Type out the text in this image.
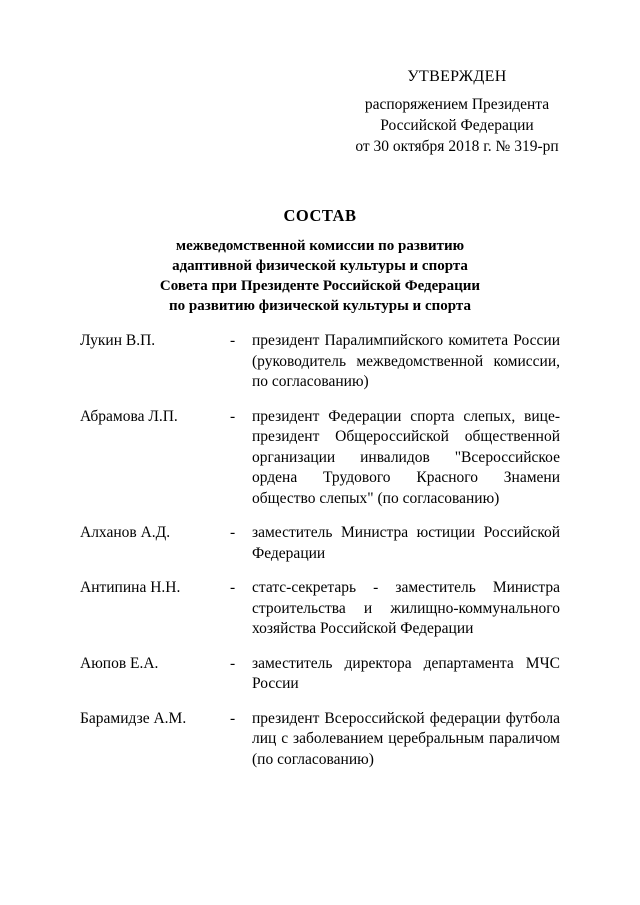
УТВЕРЖДЕН
распоряжением Президента
Российской Федерации
от 30 октября 2018 г. № 319-рп
СОСТАВ
межведомственной комиссии по развитию
адаптивной физической культуры и спорта
Совета при Президенте Российской Федерации
по развитию физической культуры и спорта
Лукин В.П.	-	президент Паралимпийского комитета России (руководитель межведомственной комиссии, по согласованию)
Абрамова Л.П.	-	президент Федерации спорта слепых, вице-президент Общероссийской общественной организации инвалидов "Всероссийское ордена Трудового Красного Знамени общество слепых" (по согласованию)
Алханов А.Д.	-	заместитель Министра юстиции Российской Федерации
Антипина Н.Н.	-	статс-секретарь - заместитель Министра строительства и жилищно-коммунального хозяйства Российской Федерации
Аюпов Е.А.	-	заместитель директора департамента МЧС России
Барамидзе А.М.	-	президент Всероссийской федерации футбола лиц с заболеванием церебральным параличом (по согласованию)
